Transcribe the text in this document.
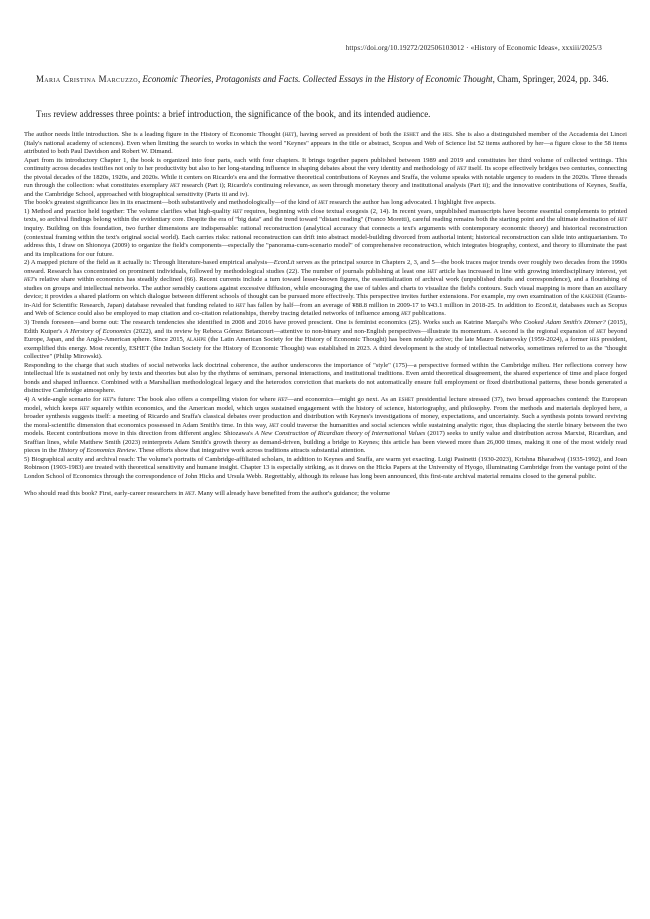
https://doi.org/10.19272/202506103012 · «History of Economic Ideas», xxxiii/2025/3
Maria Cristina Marcuzzo, Economic Theories, Protagonists and Facts. Collected Essays in the History of Economic Thought, Cham, Springer, 2024, pp. 346.
This review addresses three points: a brief introduction, the significance of the book, and its intended audience.

The author needs little introduction. She is a leading figure in the History of Economic Thought (het), having served as president of both the eshet and the hes. She is also a distinguished member of the Accademia dei Lincei (Italy's national academy of sciences). Even when limiting the search to works in which the word "Keynes" appears in the title or abstract, Scopus and Web of Science list 52 items authored by her—a figure close to the 58 items attributed to both Paul Davidson and Robert W. Dimand.

Apart from its introductory Chapter 1, the book is organized into four parts, each with four chapters. It brings together papers published between 1989 and 2019 and constitutes her third volume of collected writings. This continuity across decades testifies not only to her productivity but also to her long-standing influence in shaping debates about the very identity and methodology of het itself. Its scope effectively bridges two centuries, connecting the pivotal decades of the 1820s, 1920s, and 2020s. While it centers on Ricardo's era and the formative theoretical contributions of Keynes and Sraffa, the volume speaks with notable urgency to readers in the 2020s. Three threads run through the collection: what constitutes exemplary het research (Part i); Ricardo's continuing relevance, as seen through monetary theory and institutional analysis (Part ii); and the innovative contributions of Keynes, Sraffa, and the Cambridge School, approached with biographical sensitivity (Parts iii and iv).

The book's greatest significance lies in its enactment—both substantively and methodologically—of the kind of het research the author has long advocated. I highlight five aspects.

1) Method and practice held together: The volume clarifies what high-quality het requires, beginning with close textual exegesis (2, 14). In recent years, unpublished manuscripts have become essential complements to printed texts, so archival findings belong within the evidentiary core. Despite the era of "big data" and the trend toward "distant reading" (Franco Moretti), careful reading remains both the starting point and the ultimate destination of het inquiry. Building on this foundation, two further dimensions are indispensable: rational reconstruction (analytical accuracy that connects a text's arguments with contemporary economic theory) and historical reconstruction (contextual framing within the text's original social world). Each carries risks: rational reconstruction can drift into abstract model-building divorced from authorial intent; historical reconstruction can slide into antiquarianism. To address this, I draw on Shionoya (2009) to organize the field's components—especially the "panorama-cum-scenario model" of comprehensive reconstruction, which integrates biography, context, and theory to illuminate the past and its implications for our future.

2) A mapped picture of the field as it actually is: Through literature-based empirical analysis—EconLit serves as the principal source in Chapters 2, 3, and 5—the book traces major trends over roughly two decades from the 1990s onward. Research has concentrated on prominent individuals, followed by methodological studies (22). The number of journals publishing at least one het article has increased in line with growing interdisciplinary interest, yet het's relative share within economics has steadily declined (66). Recent currents include a turn toward lesser-known figures, the essentialization of archival work (unpublished drafts and correspondence), and a flourishing of studies on groups and intellectual networks. The author sensibly cautions against excessive diffusion, while encouraging the use of tables and charts to visualize the field's contours. Such visual mapping is more than an auxiliary device; it provides a shared platform on which dialogue between different schools of thought can be pursued more effectively. This perspective invites further extensions. For example, my own examination of the kakenhi (Grants-in-Aid for Scientific Research, Japan) database revealed that funding related to het has fallen by half—from an average of ¥88.8 million in 2009-17 to ¥43.1 million in 2018-25. In addition to EconLit, databases such as Scopus and Web of Science could also be employed to map citation and co-citation relationships, thereby tracing detailed networks of influence among het publications.

3) Trends foreseen—and borne out: The research tendencies she identified in 2008 and 2016 have proved prescient. One is feminist economics (25). Works such as Katrine Marçal's Who Cooked Adam Smith's Dinner? (2015), Edith Kuiper's A Herstory of Economics (2022), and its review by Rebeca Gómez Betancourt—attentive to non-binary and non-English perspectives—illustrate its momentum. A second is the regional expansion of het beyond Europe, Japan, and the Anglo-American sphere. Since 2015, alahpe (the Latin American Society for the History of Economic Thought) has been notably active; the late Mauro Boianovsky (1959-2024), a former hes president, exemplified this energy. Most recently, ESHET (the Indian Society for the History of Economic Thought) was established in 2023. A third development is the study of intellectual networks, sometimes referred to as the "thought collective" (Philip Mirowski).

Responding to the charge that such studies of social networks lack doctrinal coherence, the author underscores the importance of "style" (175)—a perspective formed within the Cambridge milieu. Her reflections convey how intellectual life is sustained not only by texts and theories but also by the rhythms of seminars, personal interactions, and institutional traditions. Even amid theoretical disagreement, the shared experience of time and place forged bonds and shaped influence. Combined with a Marshallian methodological legacy and the heterodox conviction that markets do not automatically ensure full employment or fixed distributional patterns, these bonds generated a distinctive Cambridge atmosphere.

4) A wide-angle scenario for het's future: The book also offers a compelling vision for where het—and economics—might go next. As an eshet presidential lecture stressed (37), two broad approaches contend: the European model, which keeps het squarely within economics, and the American model, which urges sustained engagement with the history of science, historiography, and philosophy. From the methods and materials deployed here, a broader synthesis suggests itself: a meeting of Ricardo and Sraffa's classical debates over production and distribution with Keynes's investigations of money, expectations, and uncertainty. Such a synthesis points toward reviving the moral-scientific dimension that economics possessed in Adam Smith's time. In this way, het could traverse the humanities and social sciences while sustaining analytic rigor, thus displacing the sterile binary between the two models. Recent contributions move in this direction from different angles: Shiozawa's A New Construction of Ricardian theory of International Values (2017) seeks to unify value and distribution across Marxist, Ricardian, and Sraffian lines, while Matthew Smith (2023) reinterprets Adam Smith's growth theory as demand-driven, building a bridge to Keynes; this article has been viewed more than 26,000 times, making it one of the most widely read pieces in the History of Economics Review. These efforts show that integrative work across traditions attracts substantial attention.

5) Biographical acuity and archival reach: The volume's portraits of Cambridge-affiliated scholars, in addition to Keynes and Sraffa, are warm yet exacting. Luigi Pasinetti (1930-2023), Krishna Bharadwaj (1935-1992), and Joan Robinson (1903-1983) are treated with theoretical sensitivity and humane insight. Chapter 13 is especially striking, as it draws on the Hicks Papers at the University of Hyogo, illuminating Cambridge from the vantage point of the London School of Economics through the correspondence of John Hicks and Ursula Webb. Regrettably, although its release has long been announced, this first-rate archival material remains closed to the general public.

Who should read this book? First, early-career researchers in het. Many will already have benefited from the author's guidance; the volume
